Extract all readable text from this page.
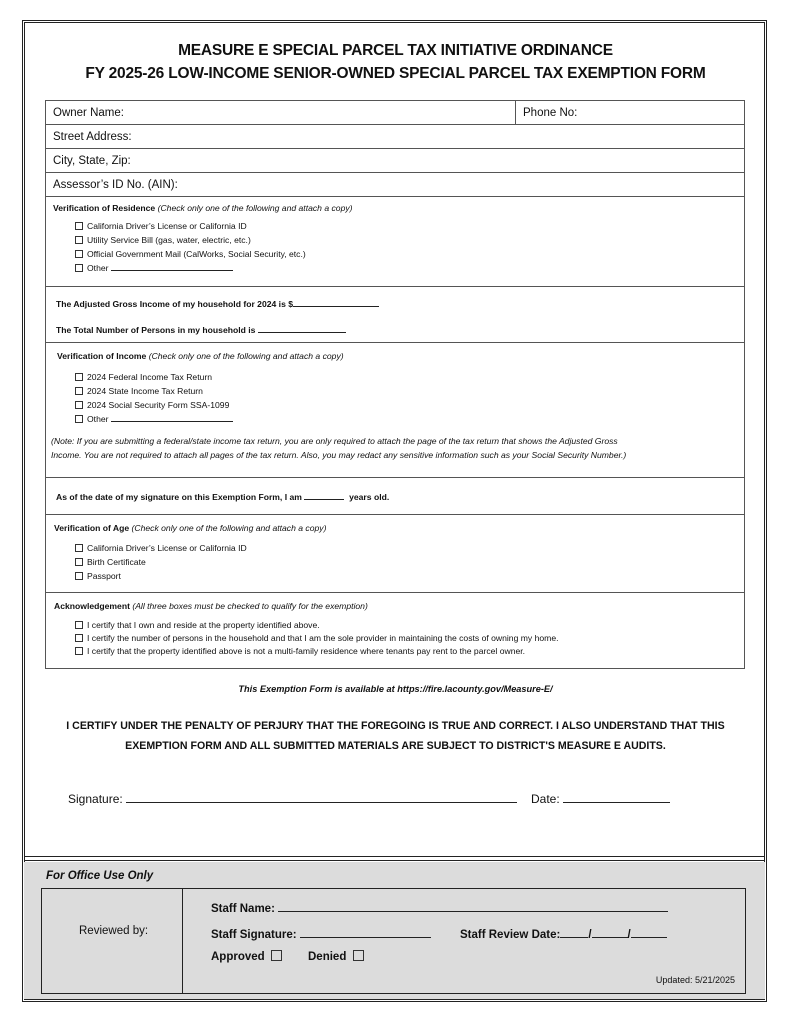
MEASURE E SPECIAL PARCEL TAX INITIATIVE ORDINANCE
FY 2025-26 LOW-INCOME SENIOR-OWNED SPECIAL PARCEL TAX EXEMPTION FORM
Owner Name:	Phone No:
Street Address:
City, State, Zip:
Assessor’s ID No. (AIN):

Verification of Residence (Check only one of the following and attach a copy)
California Driver’s License or California ID
Utility Service Bill (gas, water, electric, etc.)
Official Government Mail (CalWorks, Social Security, etc.)
Other

The Adjusted Gross Income of my household for 2024 is $
The Total Number of Persons in my household is

Verification of Income (Check only one of the following and attach a copy)
2024 Federal Income Tax Return
2024 State Income Tax Return
2024 Social Security Form SSA-1099
Other
(Note: If you are submitting a federal/state income tax return, you are only required to attach the page of the tax return that shows the Adjusted Gross
Income. You are not required to attach all pages of the tax return. Also, you may redact any sensitive information such as your Social Security Number.)

As of the date of my signature on this Exemption Form, I am	years old.

Verification of Age (Check only one of the following and attach a copy)
California Driver’s License or California ID
Birth Certificate
Passport

Acknowledgement (All three boxes must be checked to qualify for the exemption)
I certify that I own and reside at the property identified above.
I certify the number of persons in the household and that I am the sole provider in maintaining the costs of owning my home.
I certify that the property identified above is not a multi-family residence where tenants pay rent to the parcel owner.
This Exemption Form is available at https://fire.lacounty.gov/Measure-E/
I CERTIFY UNDER THE PENALTY OF PERJURY THAT THE FOREGOING IS TRUE AND CORRECT. I ALSO UNDERSTAND THAT THIS
EXEMPTION FORM AND ALL SUBMITTED MATERIALS ARE SUBJECT TO DISTRICT'S MEASURE E AUDITS.
Signature:	Date:
For Office Use Only
Reviewed by:
Staff Name:
Staff Signature:	Staff Review Date: /	/
Approved	Denied
Updated: 5/21/2025
